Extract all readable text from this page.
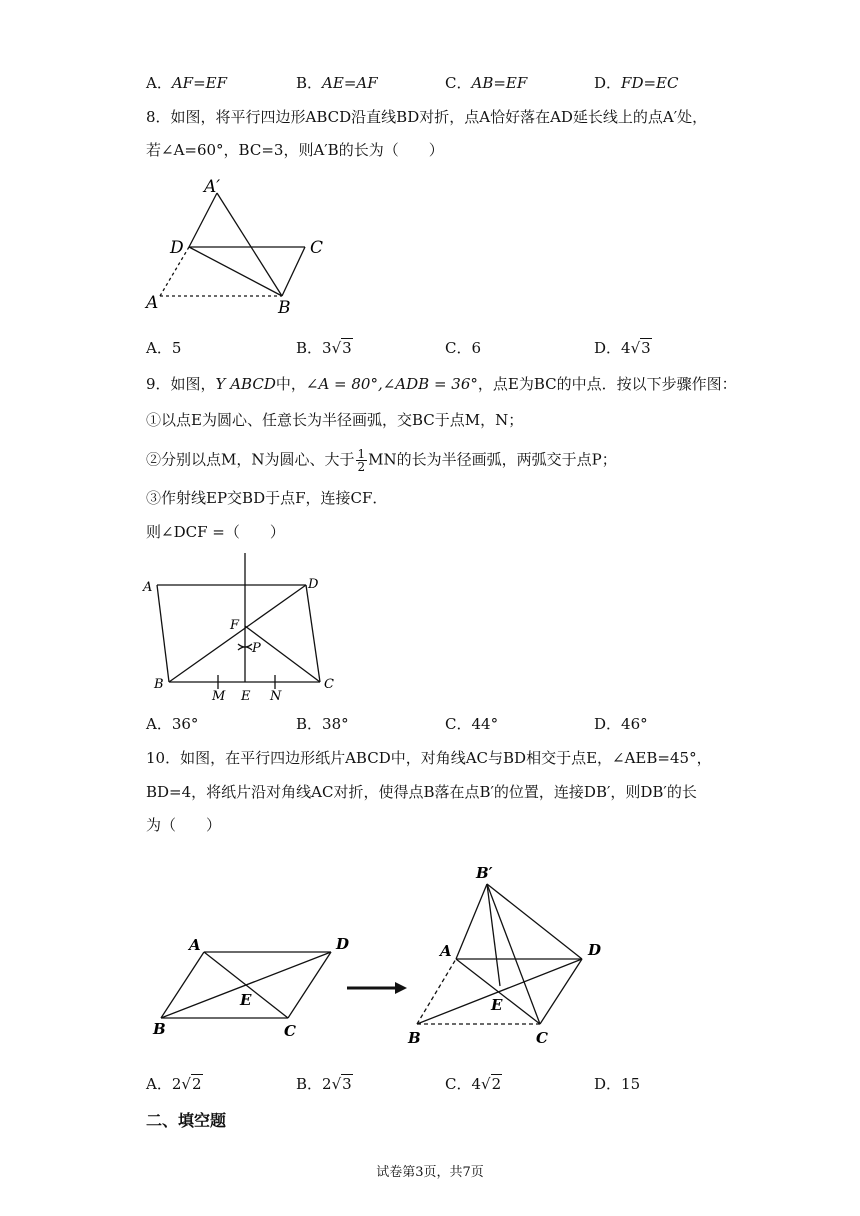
A．AF=EF	B．AE=AF	C．AB=EF	D．FD=EC
8．如图，将平行四边形ABCD沿直线BD对折，点A恰好落在AD延长线上的点A′处，
若∠A=60°，BC=3，则A′B的长为（　　）
A′
D	C
A	B
A．5	B．3√3	C．6	D．4√3
9．如图，Y ABCD中，∠A = 80°,∠ADB = 36°，点E为BC的中点．按以下步骤作图：
①以点E为圆心、任意长为半径画弧，交BC于点M，N；
②分别以点M，N为圆心、大于 $\frac{1}{2}$ MN的长为半径画弧，两弧交于点P；
③作射线EP交BD于点F，连接CF．
则∠DCF =（　　）
A	D
F
P
B
M E N
C
A．36°	B．38°	C．44°	D．46°
10．如图，在平行四边形纸片ABCD中，对角线AC与BD相交于点E，∠AEB=45°，
BD=4，将纸片沿对角线AC对折，使得点B落在点B′的位置，连接DB′，则DB′的长
为（　　）
A	D
E
B	C
B′
A	D
E
B	C
A．2√2	B．2√3	C．4√2	D．15
二、填空题
试卷第3页，共7页
